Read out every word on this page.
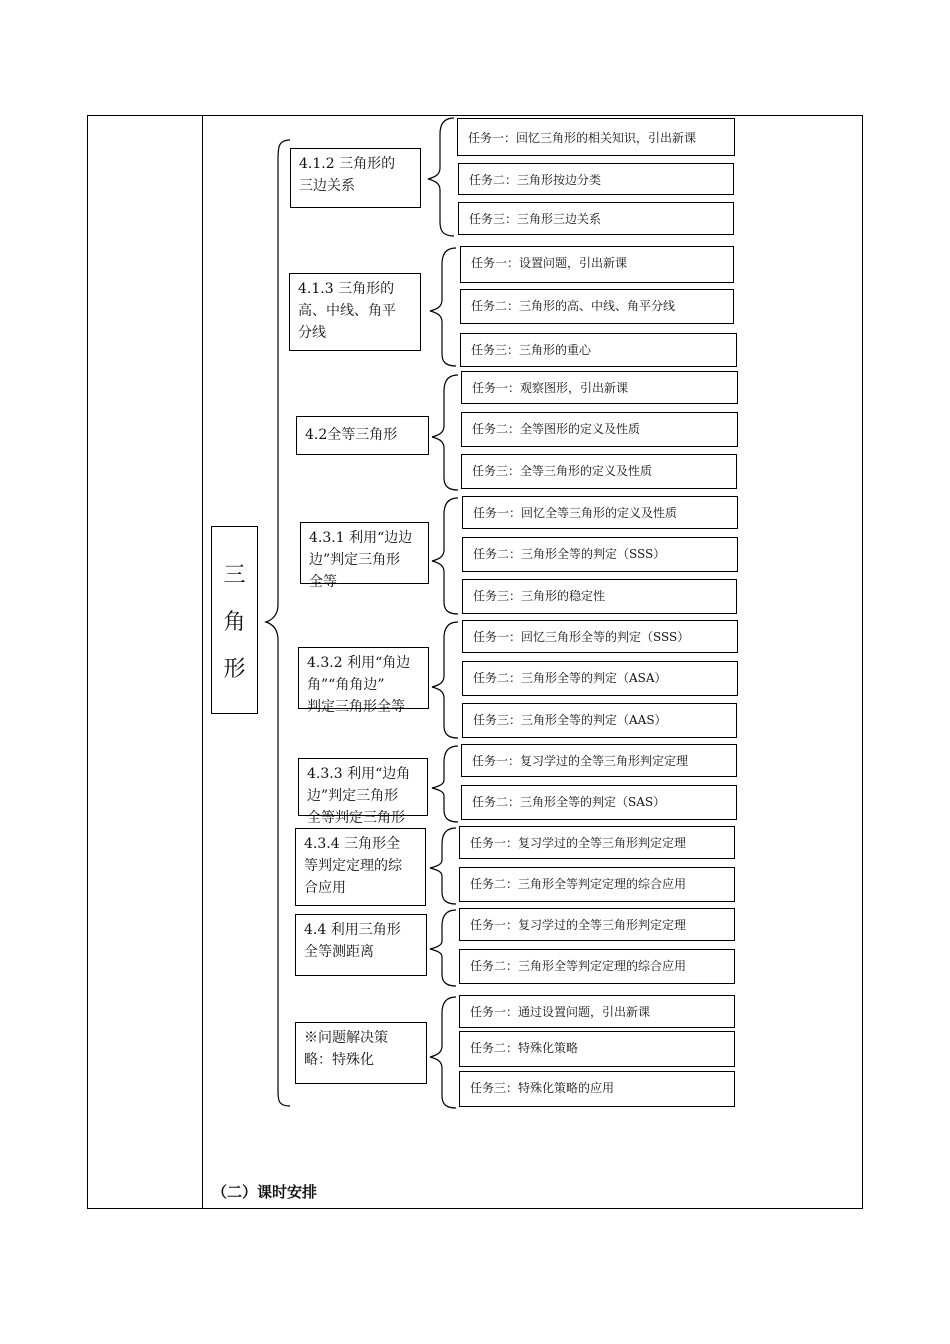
三
角
形
4.1.2 三角形的
三边关系
4.1.3 三角形的
高、中线、角平
分线
4.2全等三角形
4.3.1 利用“边边
边”判定三角形
全等
4.3.2 利用“角边
角”“角角边”
判定三角形全等
4.3.3 利用“边角
边”判定三角形
全等判定三角形
4.3.4 三角形全
等判定定理的综
合应用
4.4 利用三角形
全等测距离
※问题解决策
略：特殊化
任务一：回忆三角形的相关知识，引出新课
任务二：三角形按边分类
任务三：三角形三边关系
任务一：设置问题，引出新课
任务二：三角形的高、中线、角平分线
任务三：三角形的重心
任务一：观察图形，引出新课
任务二：全等图形的定义及性质
任务三：全等三角形的定义及性质
任务一：回忆全等三角形的定义及性质
任务二：三角形全等的判定（SSS）
任务三：三角形的稳定性
任务一：回忆三角形全等的判定（SSS）
任务二：三角形全等的判定（ASA）
任务三：三角形全等的判定（AAS）
任务一：复习学过的全等三角形判定定理
任务二：三角形全等的判定（SAS）
任务一：复习学过的全等三角形判定定理
任务二：三角形全等判定定理的综合应用
任务一：复习学过的全等三角形判定定理
任务二：三角形全等判定定理的综合应用
任务一：通过设置问题，引出新课
任务二：特殊化策略
任务三：特殊化策略的应用
（二）课时安排
